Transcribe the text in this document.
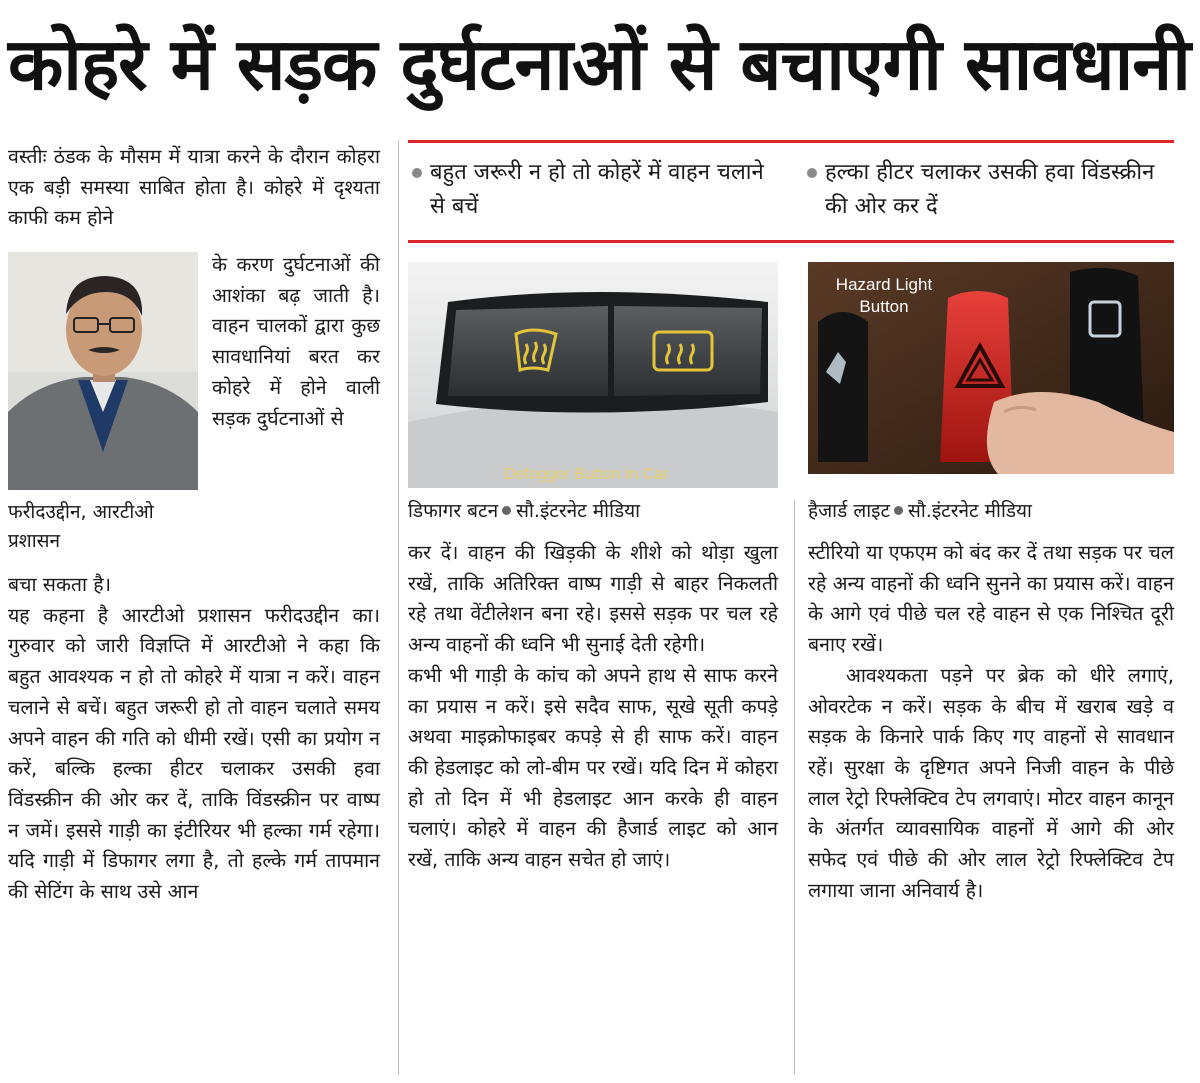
कोहरे में सड़क दुर्घटनाओं से बचाएगी सावधानी

वस्तीः ठंडक के मौसम में यात्रा करने के दौरान कोहरा एक बड़ी समस्या साबित होता है। कोहरे में दृश्यता काफी कम होने

के करण दुर्घटनाओं की आशंका बढ़ जाती है। वाहन चालकों द्वारा कुछ सावधानियां बरत कर कोहरे में होने वाली सड़क दुर्घटनाओं से

फरीदउद्दीन, आरटीओ प्रशासन

बचा सकता है।

यह कहना है आरटीओ प्रशासन फरीदउद्दीन का। गुरुवार को जारी विज्ञप्ति में आरटीओ ने कहा कि बहुत आवश्यक न हो तो कोहरे में यात्रा न करें। वाहन चलाने से बचें। बहुत जरूरी हो तो वाहन चलाते समय अपने वाहन की गति को धीमी रखें। एसी का प्रयोग न करें, बल्कि हल्का हीटर चलाकर उसकी हवा विंडस्क्रीन की ओर कर दें, ताकि विंडस्क्रीन पर वाष्प न जमें। इससे गाड़ी का इंटीरियर भी हल्का गर्म रहेगा। यदि गाड़ी में डिफागर लगा है, तो हल्के गर्म तापमान की सेटिंग के साथ उसे आन

बहुत जरूरी न हो तो कोहरें में वाहन चलाने से बचें
हल्का हीटर चलाकर उसकी हवा विंडस्क्रीन की ओर कर दें
Defogger Button In Car
डिफागर बटन सौ.इंटरनेट मीडिया
Hazard Light Button
हैजार्ड लाइट सौ.इंटरनेट मीडिया

कर दें। वाहन की खिड़की के शीशे को थोड़ा खुला रखें, ताकि अतिरिक्त वाष्प गाड़ी से बाहर निकलती रहे तथा वेंटीलेशन बना रहे। इससे सड़क पर चल रहे अन्य वाहनों की ध्वनि भी सुनाई देती रहेगी।

कभी भी गाड़ी के कांच को अपने हाथ से साफ करने का प्रयास न करें। इसे सदैव साफ, सूखे सूती कपड़े अथवा माइक्रोफाइबर कपड़े से ही साफ करें। वाहन की हेडलाइट को लो-बीम पर रखें। यदि दिन में कोहरा हो तो दिन में भी हेडलाइट आन करके ही वाहन चलाएं। कोहरे में वाहन की हैजार्ड लाइट को आन रखें, ताकि अन्य वाहन सचेत हो जाएं।

स्टीरियो या एफएम को बंद कर दें तथा सड़क पर चल रहे अन्य वाहनों की ध्वनि सुनने का प्रयास करें। वाहन के आगे एवं पीछे चल रहे वाहन से एक निश्चित दूरी बनाए रखें।

आवश्यकता पड़ने पर ब्रेक को धीरे लगाएं, ओवरटेक न करें। सड़क के बीच में खराब खड़े व सड़क के किनारे पार्क किए गए वाहनों से सावधान रहें। सुरक्षा के दृष्टिगत अपने निजी वाहन के पीछे लाल रेट्रो रिफ्लेक्टिव टेप लगवाएं। मोटर वाहन कानून के अंतर्गत व्यावसायिक वाहनों में आगे की ओर सफेद एवं पीछे की ओर लाल रेट्रो रिफ्लेक्टिव टेप लगाया जाना अनिवार्य है।
